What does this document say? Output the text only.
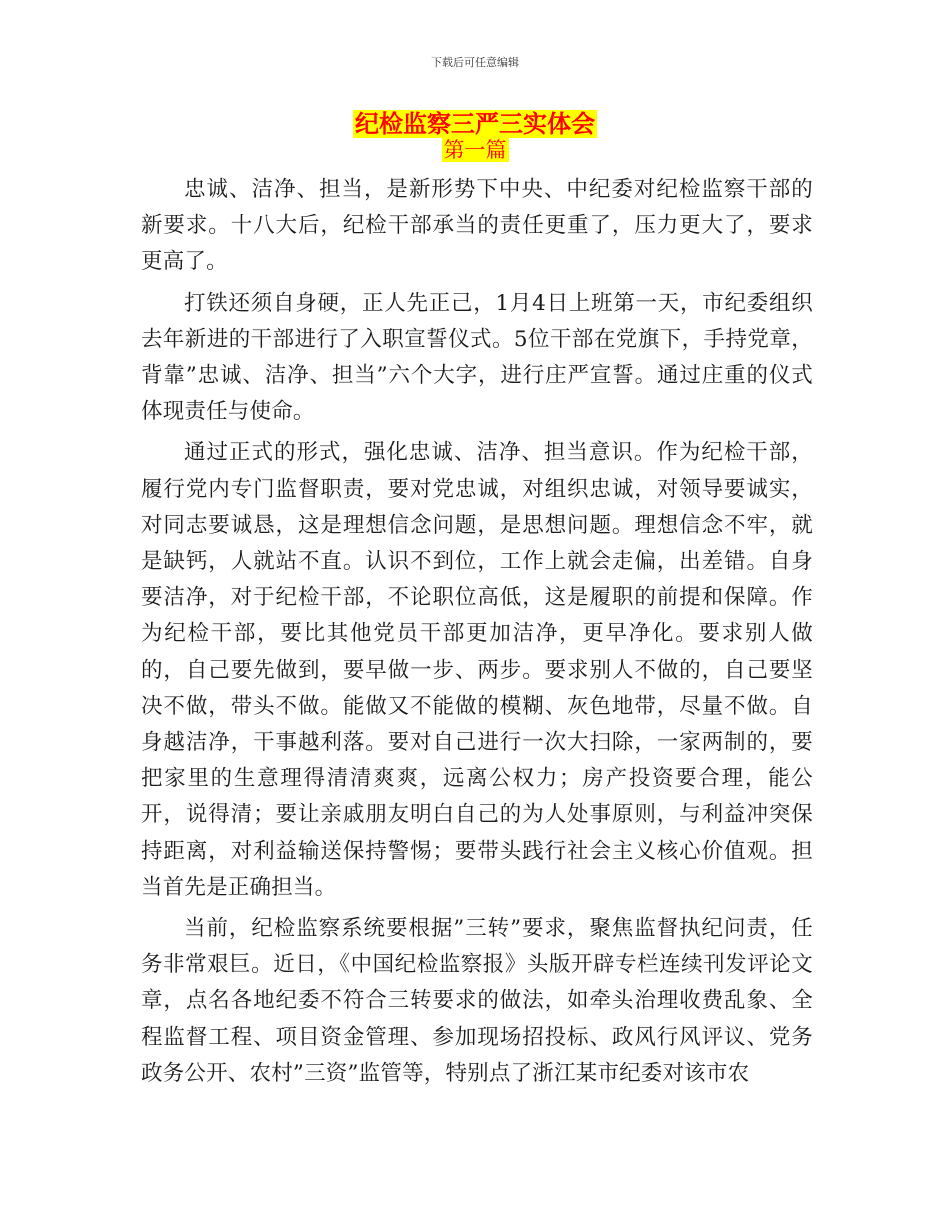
下载后可任意编辑
纪检监察三严三实体会
第一篇

忠诚、洁净、担当，是新形势下中央、中纪委对纪检监察干部的新要求。十八大后，纪检干部承当的责任更重了，压力更大了，要求更高了。

打铁还须自身硬，正人先正己，1月4日上班第一天，市纪委组织去年新进的干部进行了入职宣誓仪式。5位干部在党旗下，手持党章，背靠”忠诚、洁净、担当”六个大字，进行庄严宣誓。通过庄重的仪式体现责任与使命。

通过正式的形式，强化忠诚、洁净、担当意识。作为纪检干部，履行党内专门监督职责，要对党忠诚，对组织忠诚，对领导要诚实，对同志要诚恳，这是理想信念问题，是思想问题。理想信念不牢，就是缺钙，人就站不直。认识不到位，工作上就会走偏，出差错。自身要洁净，对于纪检干部，不论职位高低，这是履职的前提和保障。作为纪检干部，要比其他党员干部更加洁净，更早净化。要求别人做的，自己要先做到，要早做一步、两步。要求别人不做的，自己要坚决不做，带头不做。能做又不能做的模糊、灰色地带，尽量不做。自身越洁净，干事越利落。要对自己进行一次大扫除，一家两制的，要把家里的生意理得清清爽爽，远离公权力；房产投资要合理，能公开，说得清；要让亲戚朋友明白自己的为人处事原则，与利益冲突保持距离，对利益输送保持警惕；要带头践行社会主义核心价值观。担当首先是正确担当。

当前，纪检监察系统要根据”三转”要求，聚焦监督执纪问责，任务非常艰巨。近日，《中国纪检监察报》头版开辟专栏连续刊发评论文章，点名各地纪委不符合三转要求的做法，如牵头治理收费乱象、全程监督工程、项目资金管理、参加现场招投标、政风行风评议、党务政务公开、农村”三资”监管等，特别点了浙江某市纪委对该市农
